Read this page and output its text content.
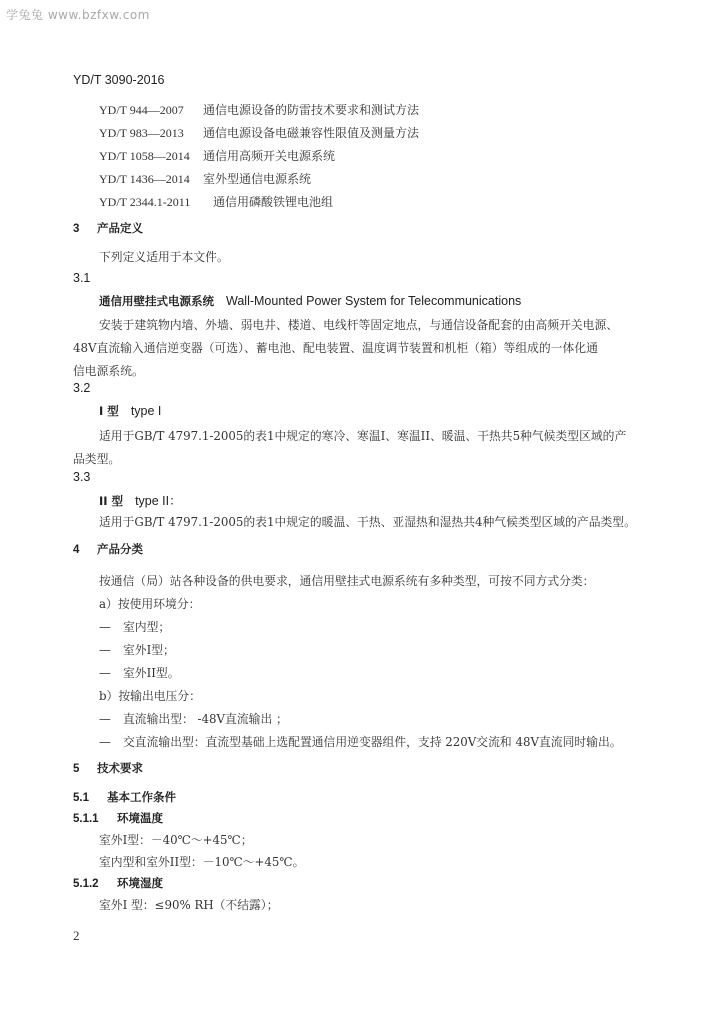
学兔兔 www.bzfxw.com
YD/T 3090-2016
YD/T 944—2007 通信电源设备的防雷技术要求和测试方法
YD/T 983—2013 通信电源设备电磁兼容性限值及测量方法
YD/T 1058—2014 通信用高频开关电源系统
YD/T 1436—2014 室外型通信电源系统
YD/T 2344.1-2011 通信用磷酸铁锂电池组
3 产品定义
下列定义适用于本文件。
3.1
通信用壁挂式电源系统 Wall-Mounted Power System for Telecommunications
安装于建筑物内墙、外墙、弱电井、楼道、电线杆等固定地点，与通信设备配套的由高频开关电源、
48V直流输入通信逆变器（可选）、蓄电池、配电装置、温度调节装置和机柜（箱）等组成的一体化通
信电源系统。
3.2
I 型 type I
适用于GB/T 4797.1-2005的表1中规定的寒冷、寒温I、寒温II、暖温、干热共5种气候类型区域的产
品类型。
3.3
II 型 type II：
适用于GB/T 4797.1-2005的表1中规定的暖温、干热、亚湿热和湿热共4种气候类型区域的产品类型。
4 产品分类
按通信（局）站各种设备的供电要求，通信用壁挂式电源系统有多种类型，可按不同方式分类：
a）按使用环境分：
— 室内型；
— 室外I型；
— 室外II型。
b）按输出电压分：
— 直流输出型： -48V直流输出 ；
— 交直流输出型：直流型基础上选配置通信用逆变器组件，支持 220V交流和 48V直流同时输出。
5 技术要求
5.1 基本工作条件
5.1.1 环境温度
室外I型：－40℃～+45℃；
室内型和室外II型：－10℃～+45℃。
5.1.2 环境湿度
室外I 型：≤90% RH（不结露）；
2
